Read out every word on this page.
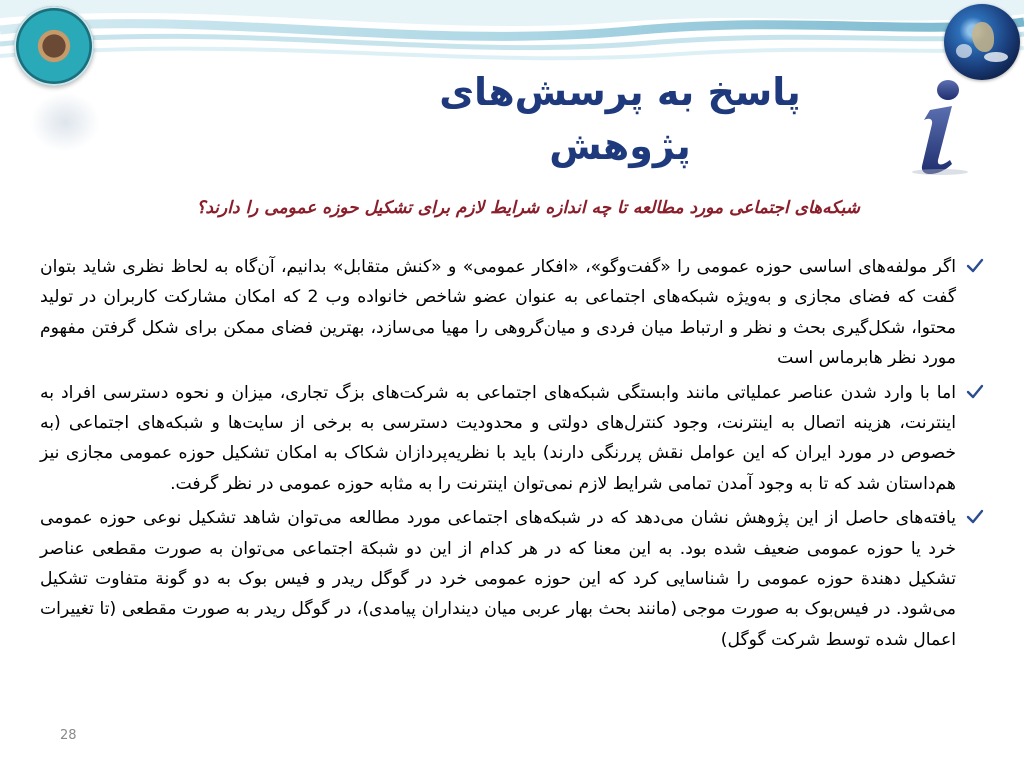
پاسخ به پرسش‌های
پژوهش
شبکه‌های اجتماعی مورد مطالعه تا چه اندازه شرایط لازم برای تشکیل حوزه عمومی را دارند؟

اگر مولفه‌های اساسی حوزه عمومی را «گفت‌وگو»، «افکار عمومی» و «کنش متقابل» بدانیم، آن‌گاه به لحاظ نظری شاید بتوان گفت که فضای مجازی و به‌ویژه شبکه‌های اجتماعی به عنوان عضو شاخص خانواده وب 2 که امکان مشارکت کاربران در تولید محتوا، شکل‌گیری بحث و نظر و ارتباط میان فردی و میان‌گروهی را مهیا می‌سازد، بهترین فضای ممکن برای شکل گرفتن مفهوم مورد نظر هابرماس است

اما با وارد شدن عناصر عملیاتی مانند وابستگی شبکه‌های اجتماعی به شرکت‌های بزگ تجاری، میزان و نحوه دسترسی افراد به اینترنت، هزینه اتصال به اینترنت، وجود کنترل‌های دولتی و محدودیت دسترسی به برخی از سایت‌ها و شبکه‌های اجتماعی (به خصوص در مورد ایران که این عوامل نقش پررنگی دارند) باید با نظریه‌پردازان شکاک به امکان تشکیل حوزه عمومی مجازی نیز هم‌داستان شد که تا به وجود آمدن تمامی شرایط لازم نمی‌توان اینترنت را به مثابه حوزه عمومی در نظر گرفت.

یافته‌های حاصل از این پژوهش نشان می‌دهد که در شبکه‌های اجتماعی مورد مطالعه می‌توان شاهد تشکیل نوعی حوزه عمومی خرد یا حوزه عمومی ضعیف شده بود. به این معنا که در هر کدام از این دو شبکة اجتماعی می‌توان به صورت مقطعی عناصر تشکیل دهندة حوزه عمومی را شناسایی کرد که این حوزه عمومی خرد در گوگل ریدر و فیس بوک به دو گونة متفاوت تشکیل می‌شود. در فیس‌بوک به صورت موجی (مانند بحث بهار عربی میان دینداران پیامدی)، در گوگل ریدر به صورت مقطعی (تا تغییرات اعمال شده توسط شرکت گوگل)

28
